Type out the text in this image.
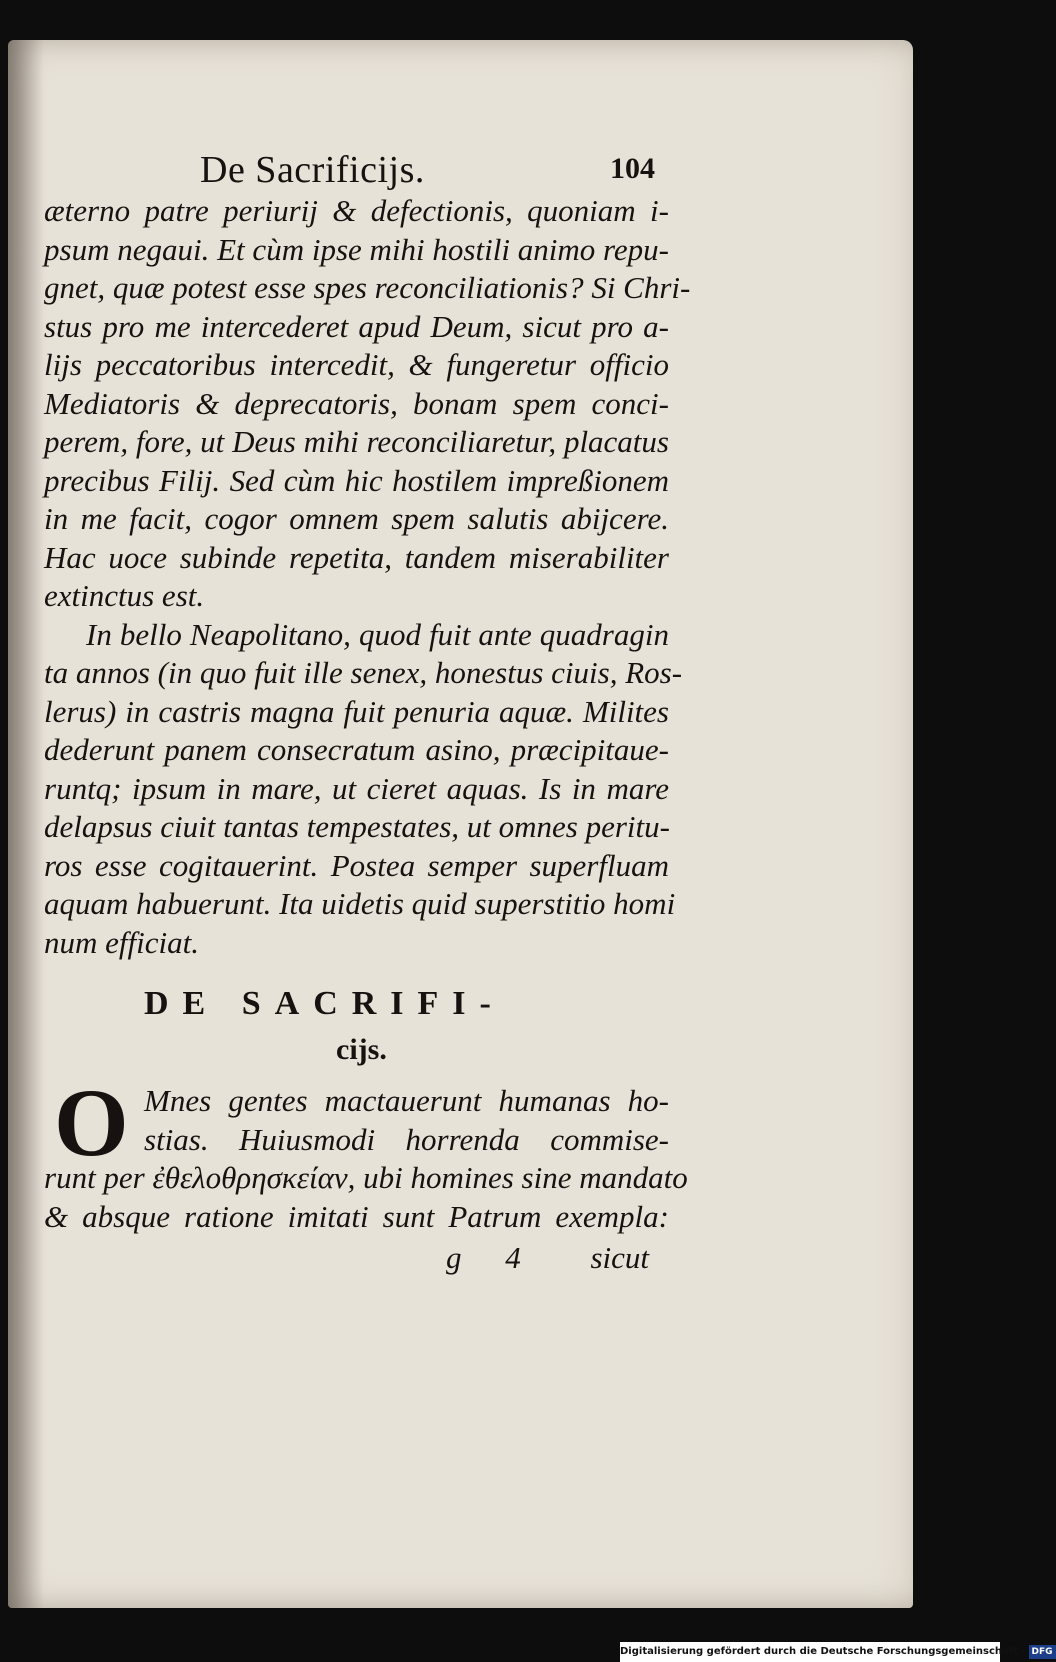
De Sacrificijs.	104
æterno patre periurij & defectionis, quoniam i-
psum negaui. Et cùm ipse mihi hostili animo repu-
gnet, quæ potest esse spes reconciliationis? Si Chri-
stus pro me intercederet apud Deum, sicut pro a-
lijs peccatoribus intercedit, & fungeretur officio
Mediatoris & deprecatoris, bonam spem conci-
perem, fore, ut Deus mihi reconciliaretur, placatus
precibus Filij. Sed cùm hic hostilem impreßionem
in me facit, cogor omnem spem salutis abijcere.
Hac uoce subinde repetita, tandem miserabiliter
extinctus est.
In bello Neapolitano, quod fuit ante quadragin
ta annos (in quo fuit ille senex, honestus ciuis, Ros-
lerus) in castris magna fuit penuria aquæ. Milites
dederunt panem consecratum asino, præcipitaue-
runtq; ipsum in mare, ut cieret aquas. Is in mare
delapsus ciuit tantas tempestates, ut omnes peritu-
ros esse cogitauerint. Postea semper superfluam
aquam habuerunt. Ita uidetis quid superstitio homi
num efficiat.
DE SACRIFI-
cijs.
O Mnes gentes mactauerunt humanas ho-
stias. Huiusmodi horrenda commise-
runt per ἐθελοθρησκείαν, ubi homines sine mandato
& absque ratione imitati sunt Patrum exempla:
g 4 sicut
Digitalisierung gefördert durch die Deutsche Forschungsgemeinschaft - DFG
